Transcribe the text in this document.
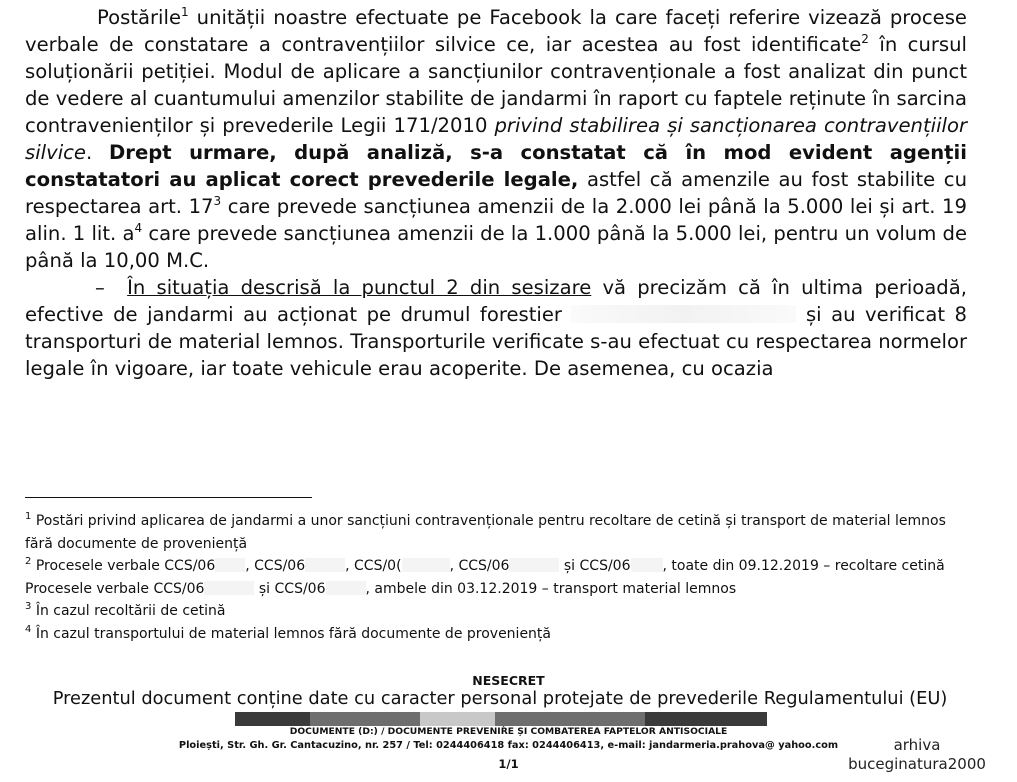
Postările$^1$ unității noastre efectuate pe Facebook la care faceți referire vizează procese verbale de constatare a contravențiilor silvice ce, iar acestea au fost identificate$^2$ în cursul soluționării petiției. Modul de aplicare a sancțiunilor contravenționale a fost analizat din punct de vedere al cuantumului amenzilor stabilite de jandarmi în raport cu faptele reținute în sarcina contravenienților și prevederile Legii 171/2010 privind stabilirea și sancționarea contravențiilor silvice. Drept urmare, după analiză, s-a constatat că în mod evident agenții constatatori au aplicat corect prevederile legale, astfel că amenzile au fost stabilite cu respectarea art. $17^3$ care prevede sancțiunea amenzii de la 2.000 lei până la 5.000 lei și art. 19 alin. 1 lit. $a^4$ care prevede sancțiunea amenzii de la 1.000 până la 5.000 lei, pentru un volum de până la 10,00 M.C.

– În situația descrisă la punctul 2 din sesizare vă precizăm că în ultima perioadă, efective de jandarmi au acționat pe drumul forestier	și au verificat 8 transporturi de material lemnos. Transporturile verificate s-au efectuat cu respectarea normelor legale în vigoare, iar toate vehicule erau acoperite. De asemenea, cu ocazia

$^1$ Postări privind aplicarea de jandarmi a unor sancțiuni contravenționale pentru recoltare de cetină și transport de material lemnos fără documente de proveniență

$^2$ Procesele verbale CCS/06 , CCS/06	, CCS/0(	, CCS/06	și CCS/06 , toate din 09.12.2019 – recoltare cetină

Procesele verbale CCS/06	și CCS/06	, ambele din 03.12.2019 – transport material lemnos

$^3$ În cazul recoltării de cetină

$^4$ În cazul transportului de material lemnos fără documente de proveniență

NESECRET
Prezentul document conține date cu caracter personal protejate de prevederile Regulamentului (EU)
DOCUMENTE (D:) / DOCUMENTE PREVENIRE ȘI COMBATEREA FAPTELOR ANTISOCIALE
Ploiești, Str. Gh. Gr. Cantacuzino, nr. 257 / Tel: 0244406418 fax: 0244406413, e-mail: jandarmeria.prahova@ yahoo.com
1/1
arhiva
buceginatura2000
